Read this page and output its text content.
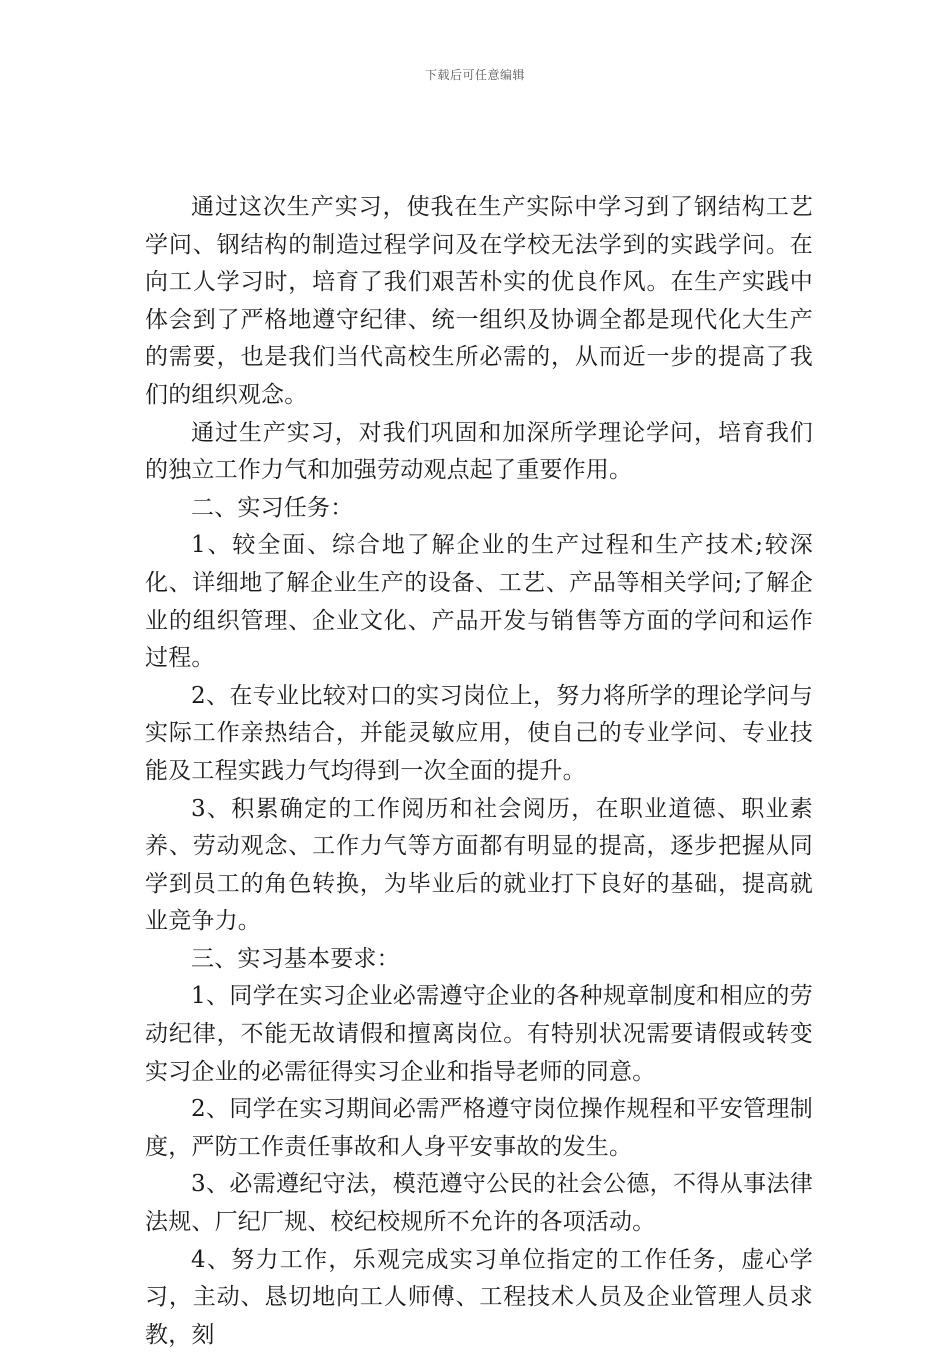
下载后可任意编辑

通过这次生产实习，使我在生产实际中学习到了钢结构工艺学问、钢结构的制造过程学问及在学校无法学到的实践学问。在向工人学习时，培育了我们艰苦朴实的优良作风。在生产实践中体会到了严格地遵守纪律、统一组织及协调全都是现代化大生产的需要，也是我们当代高校生所必需的，从而近一步的提高了我们的组织观念。

通过生产实习，对我们巩固和加深所学理论学问，培育我们的独立工作力气和加强劳动观点起了重要作用。

二、实习任务：

1、较全面、综合地了解企业的生产过程和生产技术;较深化、详细地了解企业生产的设备、工艺、产品等相关学问;了解企业的组织管理、企业文化、产品开发与销售等方面的学问和运作过程。

2、在专业比较对口的实习岗位上，努力将所学的理论学问与实际工作亲热结合，并能灵敏应用，使自己的专业学问、专业技能及工程实践力气均得到一次全面的提升。

3、积累确定的工作阅历和社会阅历，在职业道德、职业素养、劳动观念、工作力气等方面都有明显的提高，逐步把握从同学到员工的角色转换，为毕业后的就业打下良好的基础，提高就业竞争力。

三、实习基本要求：

1、同学在实习企业必需遵守企业的各种规章制度和相应的劳动纪律，不能无故请假和擅离岗位。有特别状况需要请假或转变实习企业的必需征得实习企业和指导老师的同意。

2、同学在实习期间必需严格遵守岗位操作规程和平安管理制度，严防工作责任事故和人身平安事故的发生。

3、必需遵纪守法，模范遵守公民的社会公德，不得从事法律法规、厂纪厂规、校纪校规所不允许的各项活动。

4、努力工作，乐观完成实习单位指定的工作任务，虚心学习，主动、恳切地向工人师傅、工程技术人员及企业管理人员求教，刻
